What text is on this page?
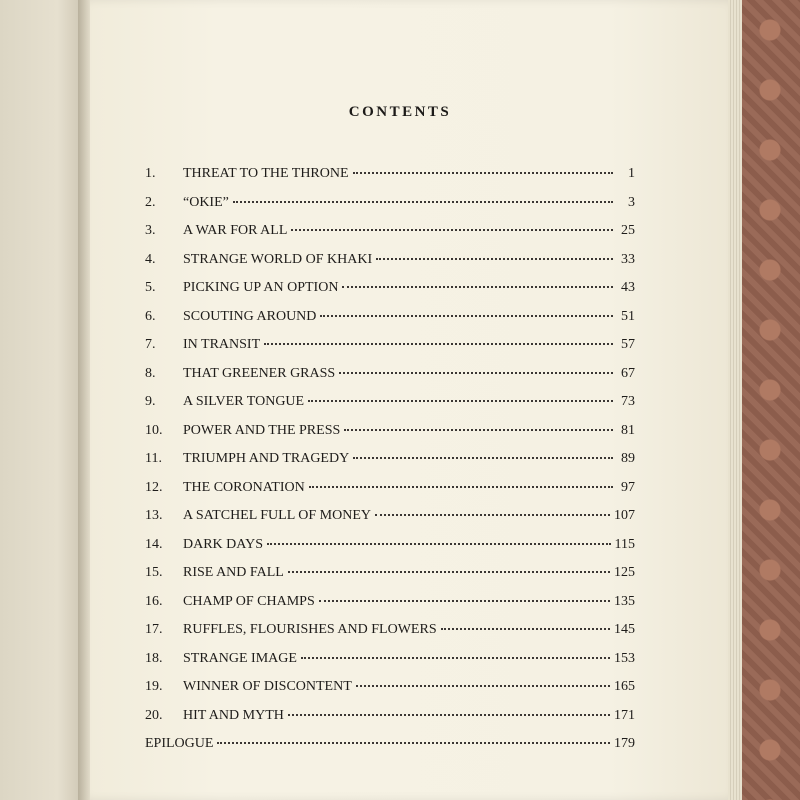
CONTENTS
1.	THREAT TO THE THRONE	1
2.	“OKIE”	3
3.	A WAR FOR ALL	25
4.	STRANGE WORLD OF KHAKI	33
5.	PICKING UP AN OPTION	43
6.	SCOUTING AROUND	51
7.	IN TRANSIT	57
8.	THAT GREENER GRASS	67
9.	A SILVER TONGUE	73
10.	POWER AND THE PRESS	81
11.	TRIUMPH AND TRAGEDY	89
12.	THE CORONATION	97
13.	A SATCHEL FULL OF MONEY	107
14.	DARK DAYS	115
15.	RISE AND FALL	125
16.	CHAMP OF CHAMPS	135
17.	RUFFLES, FLOURISHES AND FLOWERS	145
18.	STRANGE IMAGE	153
19.	WINNER OF DISCONTENT	165
20.	HIT AND MYTH	171
EPILOGUE	179
